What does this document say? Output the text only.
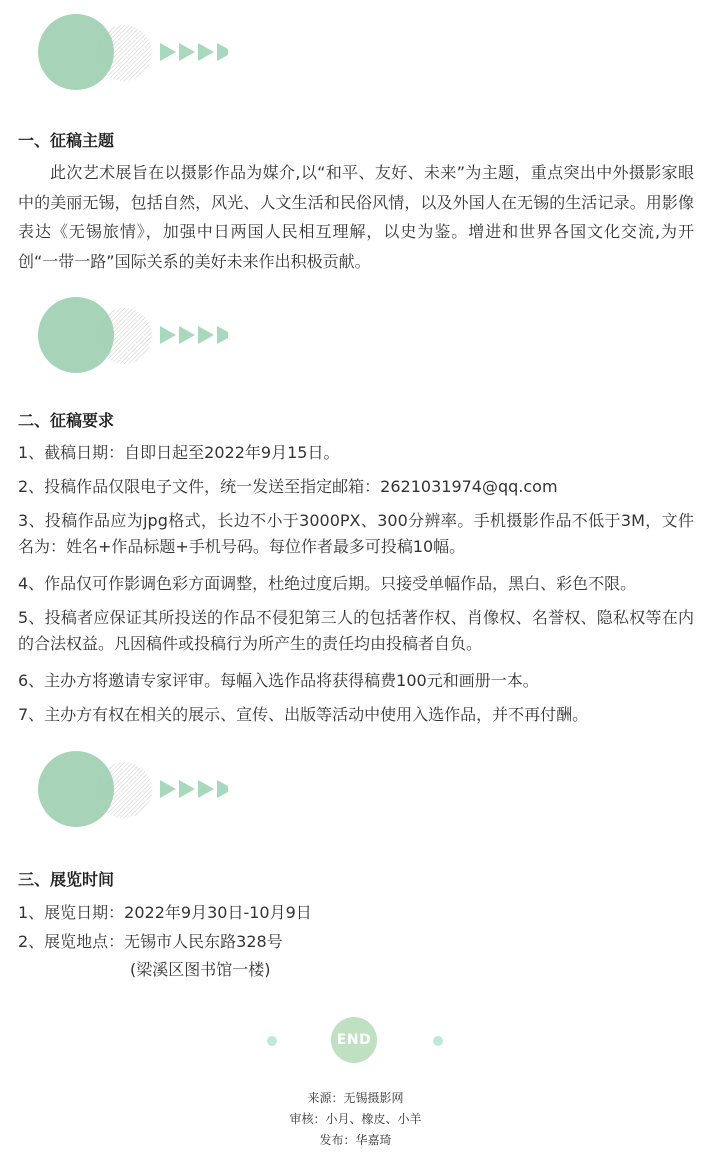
一、征稿主题
此次艺术展旨在以摄影作品为媒介,以“和平、友好、未来”为主题，重点突出中外摄影家眼中的美丽无锡，包括自然，风光、人文生活和民俗风情，以及外国人在无锡的生活记录。用影像表达《无锡旅情》，加强中日两国人民相互理解，以史为鉴。增进和世界各国文化交流,为开创“一带一路”国际关系的美好未来作出积极贡献。
二、征稿要求
1、截稿日期：自即日起至2022年9月15日。
2、投稿作品仅限电子文件，统一发送至指定邮箱：2621031974@qq.com
3、投稿作品应为jpg格式，长边不小于3000PX、300分辨率。手机摄影作品不低于3M，文件名为：姓名+作品标题+手机号码。每位作者最多可投稿10幅。
4、作品仅可作影调色彩方面调整，杜绝过度后期。只接受单幅作品，黑白、彩色不限。
5、投稿者应保证其所投送的作品不侵犯第三人的包括著作权、肖像权、名誉权、隐私权等在内的合法权益。凡因稿件或投稿行为所产生的责任均由投稿者自负。
6、主办方将邀请专家评审。每幅入选作品将获得稿费100元和画册一本。
7、主办方有权在相关的展示、宣传、出版等活动中使用入选作品，并不再付酬。
三、展览时间
1、展览日期：2022年9月30日-10月9日
2、展览地点：无锡市人民东路328号
(梁溪区图书馆一楼)
END
来源：无锡摄影网
审核：小月、橡皮、小羊
发布：华嘉琦
